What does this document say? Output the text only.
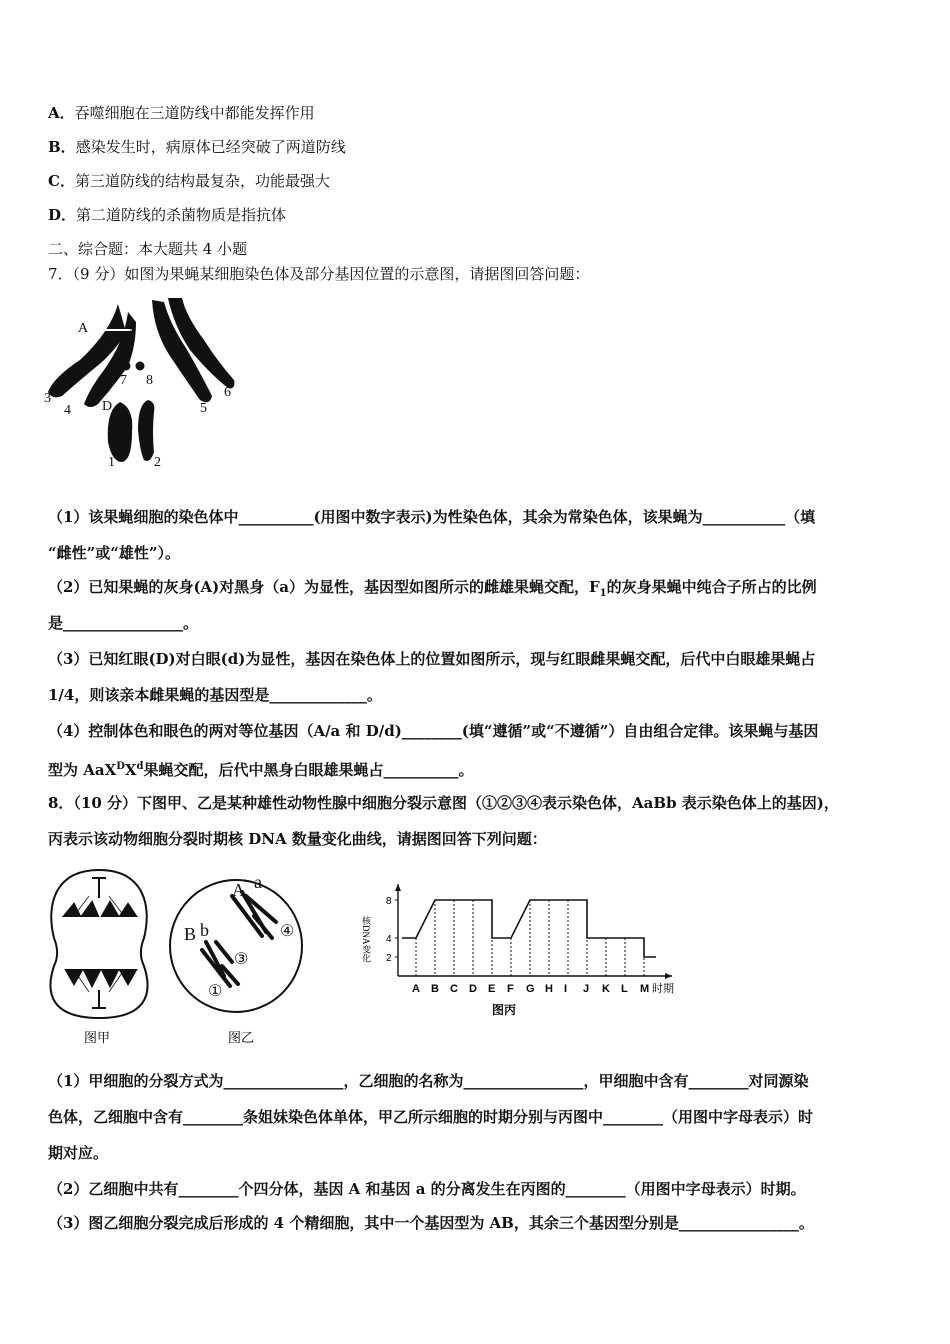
A．吞噬细胞在三道防线中都能发挥作用
B．感染发生时，病原体已经突破了两道防线
C．第三道防线的结构最复杂，功能最强大
D．第二道防线的杀菌物质是指抗体
二、综合题：本大题共 4 小题
7．（9 分）如图为果蝇某细胞染色体及部分基因位置的示意图，请据图回答问题：
A	a
7 8
D
3
4	5
6
1	2
（1）该果蝇细胞的染色体中__________(用图中数字表示)为性染色体，其余为常染色体，该果蝇为___________（填
“雌性”或“雄性”）。
（2）已知果蝇的灰身(A)对黑身（a）为显性，基因型如图所示的雌雄果蝇交配，$F_1$的灰身果蝇中纯合子所占的比例
是________________。
（3）已知红眼(D)对白眼(d)为显性，基因在染色体上的位置如图所示，现与红眼雌果蝇交配，后代中白眼雄果蝇占
1/4，则该亲本雌果蝇的基因型是_____________。
（4）控制体色和眼色的两对等位基因（A/a 和 D/d)________(填“遵循”或“不遵循”）自由组合定律。该果蝇与基因
型为 $AaX^DX^d$果蝇交配，后代中黑身白眼雄果蝇占__________。
8．（10 分）下图甲、乙是某种雄性动物性腺中细胞分裂示意图（①②③④表示染色体，AaBb 表示染色体上的基因)，
丙表示该动物细胞分裂时期核 DNA 数量变化曲线，请据图回答下列问题：
图甲
A a
B b
①
③
④
图乙
2
4
8
A B C D E F G H I J K L M 时期
核DNA变化
图丙
（1）甲细胞的分裂方式为________________，乙细胞的名称为________________，甲细胞中含有________对同源染
色体，乙细胞中含有________条姐妹染色体单体，甲乙所示细胞的时期分别与丙图中________（用图中字母表示）时
期对应。
（2）乙细胞中共有________个四分体，基因 A 和基因 a 的分离发生在丙图的________（用图中字母表示）时期。
（3）图乙细胞分裂完成后形成的 4 个精细胞，其中一个基因型为 AB，其余三个基因型分别是________________。
